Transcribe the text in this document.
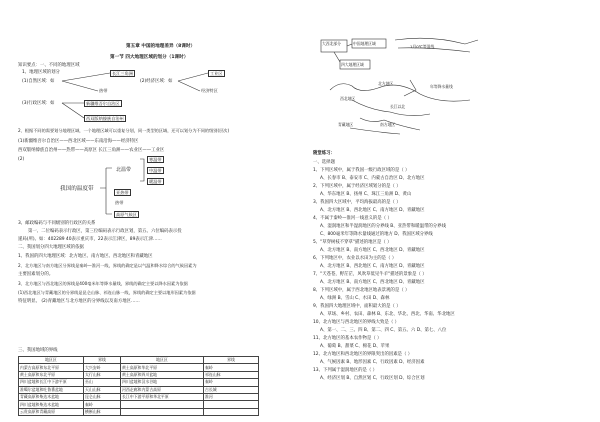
第五章 中国的地理差异（8课时）
第一节 四大地理区域的划分（1课时）
知识要点：一、不同的地理区域
1、地理区域的划分
(1)自然区域：如	(2)经济区域：如
(3)行政区域：如
长江三角洲	工业区
热带	经济特区
新疆维吾尔自治区
西双版纳傣族自治州
2、根据不同的需要划分地理区域，一个地理区域可以重复分划，同一类型的区域，还可以划分为不同的级别(层次)
(1)新疆维吾尔自治区——西北区域——东南沿海——经济特区
西双版纳傣族自治州——热带——高原区 长江三角洲——农业区——工业区
(2)
我国的温度带
北温带
寒温带
中温带
暖温带
亚热带
热带
高原气候区
3、邮政编码与不同级别的行政区的关系
第一、二位编码表示行政区，第三位编码表示行政区划，第五、六位编码表示投
递局(所)。如：402289 40表示重庆市，22表示江津区，89表示江津……
二、我国划分四大地理区域的依据
1、我国的四大地理区域：北方地区、南方地区、西北地区和青藏地区
2、北方地区与南方地区分界线是秦岭—淮河一线，界线的确定是以气温和降水综合的气候因素为
主要因素划分的。
3、北方地区与西北地区的界线是400毫米年等降水量线，界线的确定主要以降水因素为依据
(1)西北地区与青藏地区的分界线是昆仑山脉、祁连山脉一线，界线的确定主要以地形因素为依据
特征明显。 (2)青藏地区与北方地区的分界线以及南方地区……
三、我国地域的界线
地区区	界线	地区区	界线
内蒙古高原和东北平原	大兴安岭	黄土高原和华北平原	秦岭
黄土高原和东北平原	太行山脉	黄土高原和四川盆地	祁连山脉
四川盆地和长江中下游平原	巫山	四川盆地和汉水谷地	秦岭
准噶尔盆地和吐鲁番盆地	天山山脉	河西走廊和内蒙古高原	古长城
青藏高原和柴达木盆地	昆仑山脉	长江中下游平原和华北平原	淮河
四川盆地和柴达木盆地	秦岭		
云贵高原和青藏高原	横断山脉		
大西北部分	中国地理区域
四大地理区域
北方地区
西北地区
青藏地区	南方地区
年等降水量线
长江以北
1月0℃等温线
随堂练习：
一、选择题
1、下列区域中，属于我国一级行政区域的是（ ）
A、长春市 B、泰安市 C、内蒙古自治区 D、北方地区
2、下列区域中，属于经济区域划分的是（ ）
A、华东地区 B、扬州 C、珠江三角洲 D、黄山
3、我国四大区域中，平均海拔最高的是（ ）
A、北方地区 B、西北地区 C、南方地区 D、青藏地区
4、不属于秦岭—淮河一线意义的是（ ）
A、湿润地区和半湿润地区的分界线 B、亚热带和暖温带的分界线
C、800毫米年等降水量线通过的地方 D、我国区域分界线
5、"草穿树枝不穿草"描述的地区是（ ）
A、北方地区 B、南方地区 C、西北地区 D、青藏地区
6、下列地区中，农业以水田为主的是（ ）
A、北方地区 B、西北地区 C、南方地区 D、青藏地区
7、"天苍苍，野茫茫，风吹草低见牛羊"描述的景象是（ ）
A、北方地区 B、南方地区 C、西北地区 D、青藏地区
8、下列区域中，属于西北地区地表景观的是（ ）
A、绿洲 B、雪山 C、水田 D、森林
9、我国四大地理区域中，面积最大的是（ ）
A、草场、乡村、农田、森林 B、东北、华北、西北、华南、华北地区
10、北方地区与西北地区的界线大致是（ ）
A、第一、二、三、四 B、第二、四 C、第五、六 D、第七、八位
11、北方地区的基本农作物是（ ）
A、葡萄 B、甜菜 C、棉花 D、苹果
12、北方地区和西北地区的界限突出的因素是（ ）
A、气候因素 B、地形因素 C、行政因素 D、经济因素
13、下列属于湿润地区的是（ ）
A、经济区划 B、自然区划 C、行政区划 D、综合区划
